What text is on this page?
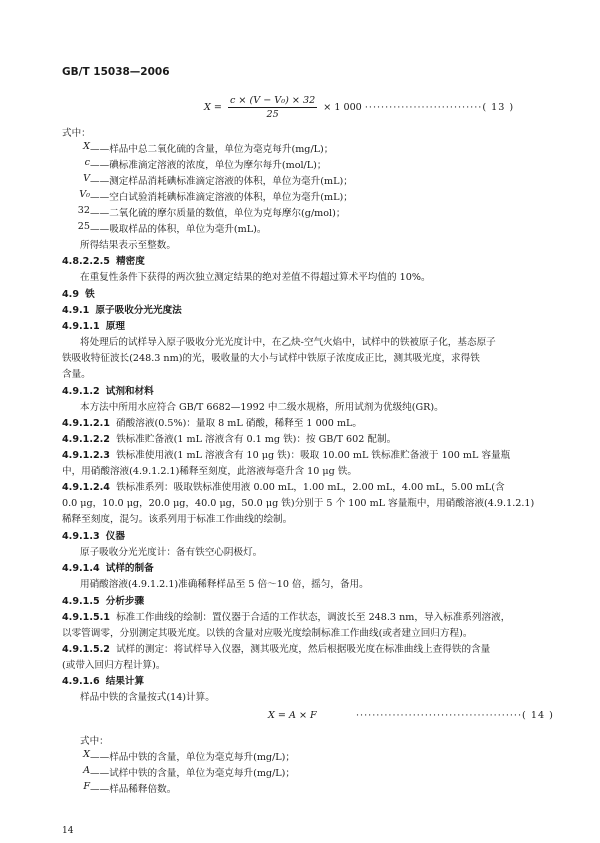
GB/T 15038—2006
$X = \frac{\text{c × (V − V₀) × 32}}{25} \times 1$ 000 ·····························( 13 )
式中：
X ——样品中总二氧化硫的含量，单位为毫克每升(mg/L)；
c ——碘标准滴定溶液的浓度，单位为摩尔每升(mol/L)；
V ——测定样品消耗碘标准滴定溶液的体积，单位为毫升(mL)；
V₀ ——空白试验消耗碘标准滴定溶液的体积，单位为毫升(mL)；
32 ——二氧化硫的摩尔质量的数值，单位为克每摩尔(g/mol)；
25 ——吸取样品的体积，单位为毫升(mL)。
所得结果表示至整数。
4.8.2.2.5 精密度
在重复性条件下获得的两次独立测定结果的绝对差值不得超过算术平均值的 10%。
4.9 铁
4.9.1 原子吸收分光光度法
4.9.1.1 原理
将处理后的试样导入原子吸收分光光度计中，在乙炔-空气火焰中，试样中的铁被原子化，基态原子
铁吸收特征波长(248.3 nm)的光，吸收量的大小与试样中铁原子浓度成正比，测其吸光度，求得铁
含量。
4.9.1.2 试剂和材料
本方法中所用水应符合 GB/T 6682—1992 中二级水规格，所用试剂为优级纯(GR)。
4.9.1.2.1 硝酸溶液(0.5%)：量取 8 mL 硝酸，稀释至 1 000 mL。
4.9.1.2.2 铁标准贮备液(1 mL 溶液含有 0.1 mg 铁)：按 GB/T 602 配制。
4.9.1.2.3 铁标准使用液(1 mL 溶液含有 10 μg 铁)：吸取 10.00 mL 铁标准贮备液于 100 mL 容量瓶
中，用硝酸溶液(4.9.1.2.1)稀释至刻度，此溶液每毫升含 10 μg 铁。
4.9.1.2.4 铁标准系列：吸取铁标准使用液 0.00 mL，1.00 mL，2.00 mL，4.00 mL，5.00 mL(含
0.0 μg，10.0 μg，20.0 μg，40.0 μg，50.0 μg 铁)分别于 5 个 100 mL 容量瓶中，用硝酸溶液(4.9.1.2.1)
稀释至刻度，混匀。该系列用于标准工作曲线的绘制。
4.9.1.3 仪器
原子吸收分光光度计：备有铁空心阴极灯。
4.9.1.4 试样的制备
用硝酸溶液(4.9.1.2.1)准确稀释样品至 5 倍～10 倍，摇匀，备用。
4.9.1.5 分析步骤
4.9.1.5.1 标准工作曲线的绘制：置仪器于合适的工作状态，调波长至 248.3 nm，导入标准系列溶液，
以零管调零，分别测定其吸光度。以铁的含量对应吸光度绘制标准工作曲线(或者建立回归方程)。
4.9.1.5.2 试样的测定：将试样导入仪器，测其吸光度，然后根据吸光度在标准曲线上查得铁的含量
(或带入回归方程计算)。
4.9.1.6 结果计算
样品中铁的含量按式(14)计算。
X = A × F	·········································( 14 )
式中：
X ——样品中铁的含量，单位为毫克每升(mg/L)；
A ——试样中铁的含量，单位为毫克每升(mg/L)；
F ——样品稀释倍数。
14
